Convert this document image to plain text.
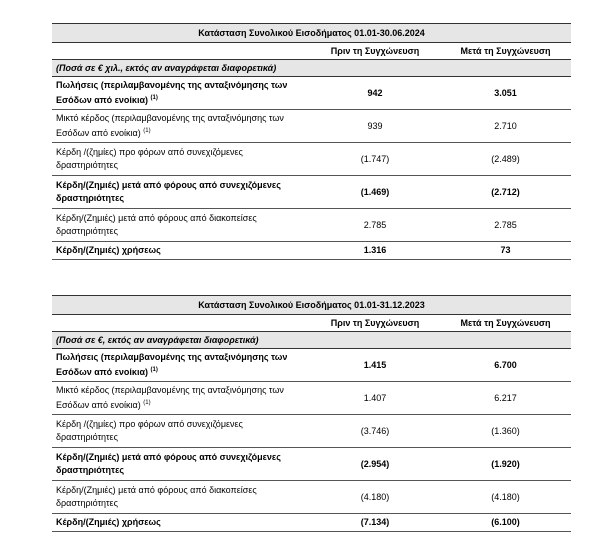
Κατάσταση Συνολικού Εισοδήματος 01.01-30.06.2024		
	Πριν τη Συγχώνευση	Μετά τη Συγχώνευση
(Ποσά σε € χιλ., εκτός αν αναγράφεται διαφορετικά)		
Πωλήσεις (περιλαμβανομένης της ανταξινόμησης των Εσόδων από ενοίκια) $^{(1)}$	942	3.051
Μικτό κέρδος (περιλαμβανομένης της ανταξινόμησης των Εσόδων από ενοίκια) $^{(1)}$	939	2.710
Κέρδη /(ζημίες) προ φόρων από συνεχιζόμενες δραστηριότητες	(1.747)	(2.489)
Κέρδη/(Ζημιές) μετά από φόρους από συνεχιζόμενες δραστηριότητες	(1.469)	(2.712)
Κέρδη/(Ζημιές) μετά από φόρους από διακοπείσες δραστηριότητες	2.785	2.785
Κέρδη/(Ζημιές) χρήσεως	1.316	73
Κατάσταση Συνολικού Εισοδήματος 01.01-31.12.2023		
	Πριν τη Συγχώνευση	Μετά τη Συγχώνευση
(Ποσά σε €, εκτός αν αναγράφεται διαφορετικά)		
Πωλήσεις (περιλαμβανομένης της ανταξινόμησης των Εσόδων από ενοίκια) $^{(1)}$	1.415	6.700
Μικτό κέρδος (περιλαμβανομένης της ανταξινόμησης των Εσόδων από ενοίκια) $^{(1)}$	1.407	6.217
Κέρδη /(ζημίες) προ φόρων από συνεχιζόμενες δραστηριότητες	(3.746)	(1.360)
Κέρδη/(Ζημιές) μετά από φόρους από συνεχιζόμενες δραστηριότητες	(2.954)	(1.920)
Κέρδη/(Ζημιές) μετά από φόρους από διακοπείσες δραστηριότητες	(4.180)	(4.180)
Κέρδη/(Ζημιές) χρήσεως	(7.134)	(6.100)
